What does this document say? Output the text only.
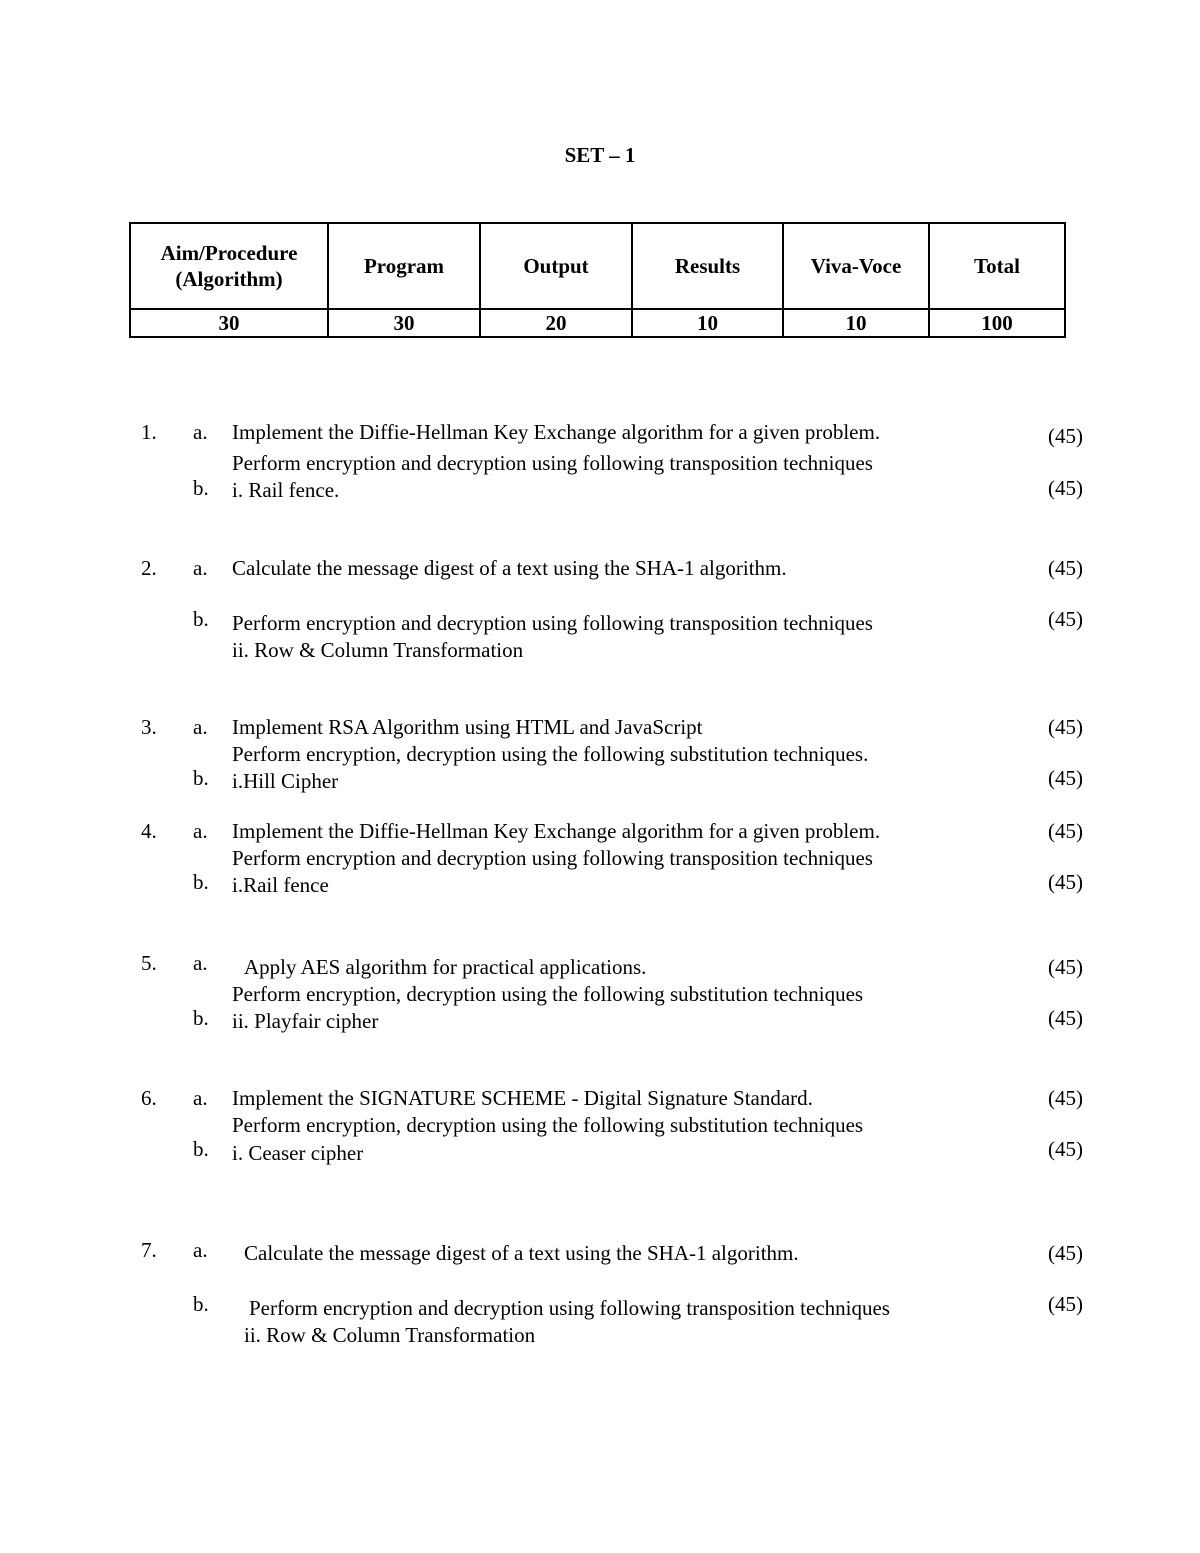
SET – 1
Aim/Procedure
(Algorithm)	Program	Output	Results	Viva-Voce	Total
30	30	20	10	10	100
1. a. Implement the Diffie-Hellman Key Exchange algorithm for a given problem.	(45)
Perform encryption and decryption using following transposition techniques
b. i. Rail fence.	(45)
2. a. Calculate the message digest of a text using the SHA-1 algorithm.	(45)
b. Perform encryption and decryption using following transposition techniques	(45)
ii. Row & Column Transformation
3. a. Implement RSA Algorithm using HTML and JavaScript	(45)
Perform encryption, decryption using the following substitution techniques.
b. i.Hill Cipher	(45)
4. a. Implement the Diffie-Hellman Key Exchange algorithm for a given problem.	(45)
Perform encryption and decryption using following transposition techniques
b. i.Rail fence	(45)
5. a. Apply AES algorithm for practical applications.	(45)
Perform encryption, decryption using the following substitution techniques
b. ii. Playfair cipher	(45)
6. a. Implement the SIGNATURE SCHEME - Digital Signature Standard.	(45)
Perform encryption, decryption using the following substitution techniques
b. i. Ceaser cipher	(45)
7. a. Calculate the message digest of a text using the SHA-1 algorithm.	(45)
b. Perform encryption and decryption using following transposition techniques	(45)
ii. Row & Column Transformation
